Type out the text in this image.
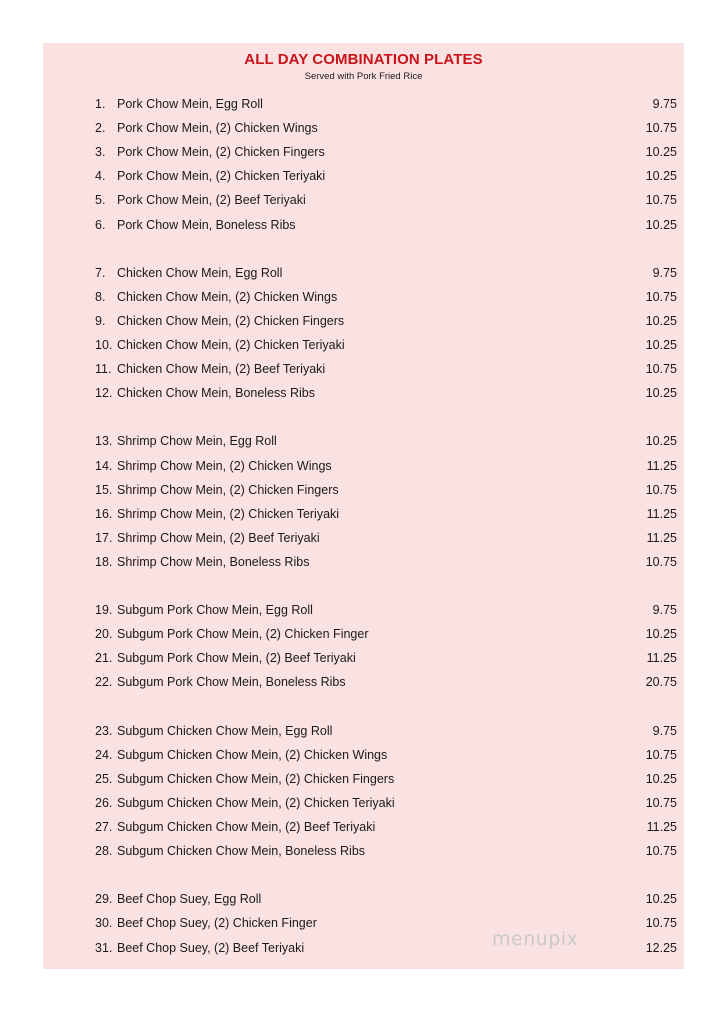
ALL DAY COMBINATION PLATES
Served with Pork Fried Rice
1. Pork Chow Mein, Egg Roll	9.75
2. Pork Chow Mein, (2) Chicken Wings	10.75
3. Pork Chow Mein, (2) Chicken Fingers	10.25
4. Pork Chow Mein, (2) Chicken Teriyaki	10.25
5. Pork Chow Mein, (2) Beef Teriyaki	10.75
6. Pork Chow Mein, Boneless Ribs	10.25
7. Chicken Chow Mein, Egg Roll	9.75
8. Chicken Chow Mein, (2) Chicken Wings	10.75
9. Chicken Chow Mein, (2) Chicken Fingers	10.25
10. Chicken Chow Mein, (2) Chicken Teriyaki	10.25
11. Chicken Chow Mein, (2) Beef Teriyaki	10.75
12. Chicken Chow Mein, Boneless Ribs	10.25
13. Shrimp Chow Mein, Egg Roll	10.25
14. Shrimp Chow Mein, (2) Chicken Wings	11.25
15. Shrimp Chow Mein, (2) Chicken Fingers	10.75
16. Shrimp Chow Mein, (2) Chicken Teriyaki	11.25
17. Shrimp Chow Mein, (2) Beef Teriyaki	11.25
18. Shrimp Chow Mein, Boneless Ribs	10.75
19. Subgum Pork Chow Mein, Egg Roll	9.75
20. Subgum Pork Chow Mein, (2) Chicken Finger	10.25
21. Subgum Pork Chow Mein, (2) Beef Teriyaki	11.25
22. Subgum Pork Chow Mein, Boneless Ribs	20.75
23. Subgum Chicken Chow Mein, Egg Roll	9.75
24. Subgum Chicken Chow Mein, (2) Chicken Wings	10.75
25. Subgum Chicken Chow Mein, (2) Chicken Fingers	10.25
26. Subgum Chicken Chow Mein, (2) Chicken Teriyaki	10.75
27. Subgum Chicken Chow Mein, (2) Beef Teriyaki	11.25
28. Subgum Chicken Chow Mein, Boneless Ribs	10.75
29. Beef Chop Suey, Egg Roll	10.25
30. Beef Chop Suey, (2) Chicken Finger	10.75
31. Beef Chop Suey, (2) Beef Teriyaki	12.25
menupix
